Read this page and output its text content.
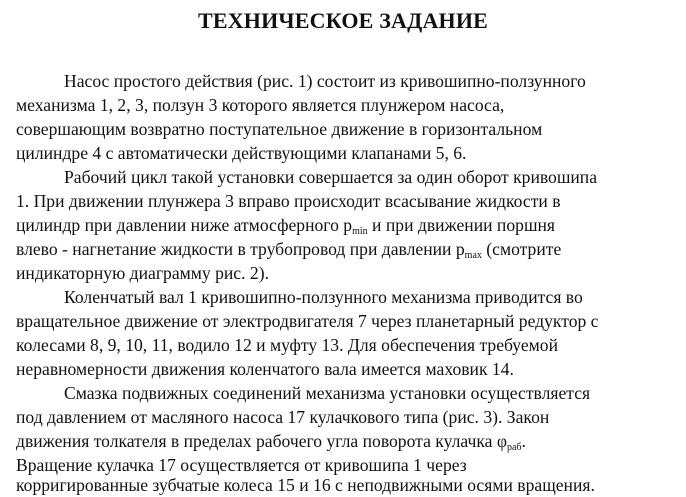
ТЕХНИЧЕСКОЕ ЗАДАНИЕ
Насос простого действия (рис. 1) состоит из кривошипно-ползунного
механизма 1, 2, 3, ползун 3 которого является плунжером насоса,
совершающим возвратно поступательное движение в горизонтальном
цилиндре 4 с автоматически действующими клапанами 5, 6.
Рабочий цикл такой установки совершается за один оборот кривошипа
1. При движении плунжера 3 вправо происходит всасывание жидкости в
цилиндр при давлении ниже атмосферного $p_{min}$ и при движении поршня
влево - нагнетание жидкости в трубопровод при давлении $p_{max}$ (смотрите
индикаторную диаграмму рис. 2).
Коленчатый вал 1 кривошипно-ползунного механизма приводится во
вращательное движение от электродвигателя 7 через планетарный редуктор с
колесами 8, 9, 10, 11, водило 12 и муфту 13. Для обеспечения требуемой
неравномерности движения коленчатого вала имеется маховик 14.
Смазка подвижных соединений механизма установки осуществляется
под давлением от масляного насоса 17 кулачкового типа (рис. 3). Закон
движения толкателя в пределах рабочего угла поворота кулачка $\varphi_{раб}$.
Вращение кулачка 17 осуществляется от кривошипа 1 через
корригированные зубчатые колеса 15 и 16 с неподвижными осями вращения.
